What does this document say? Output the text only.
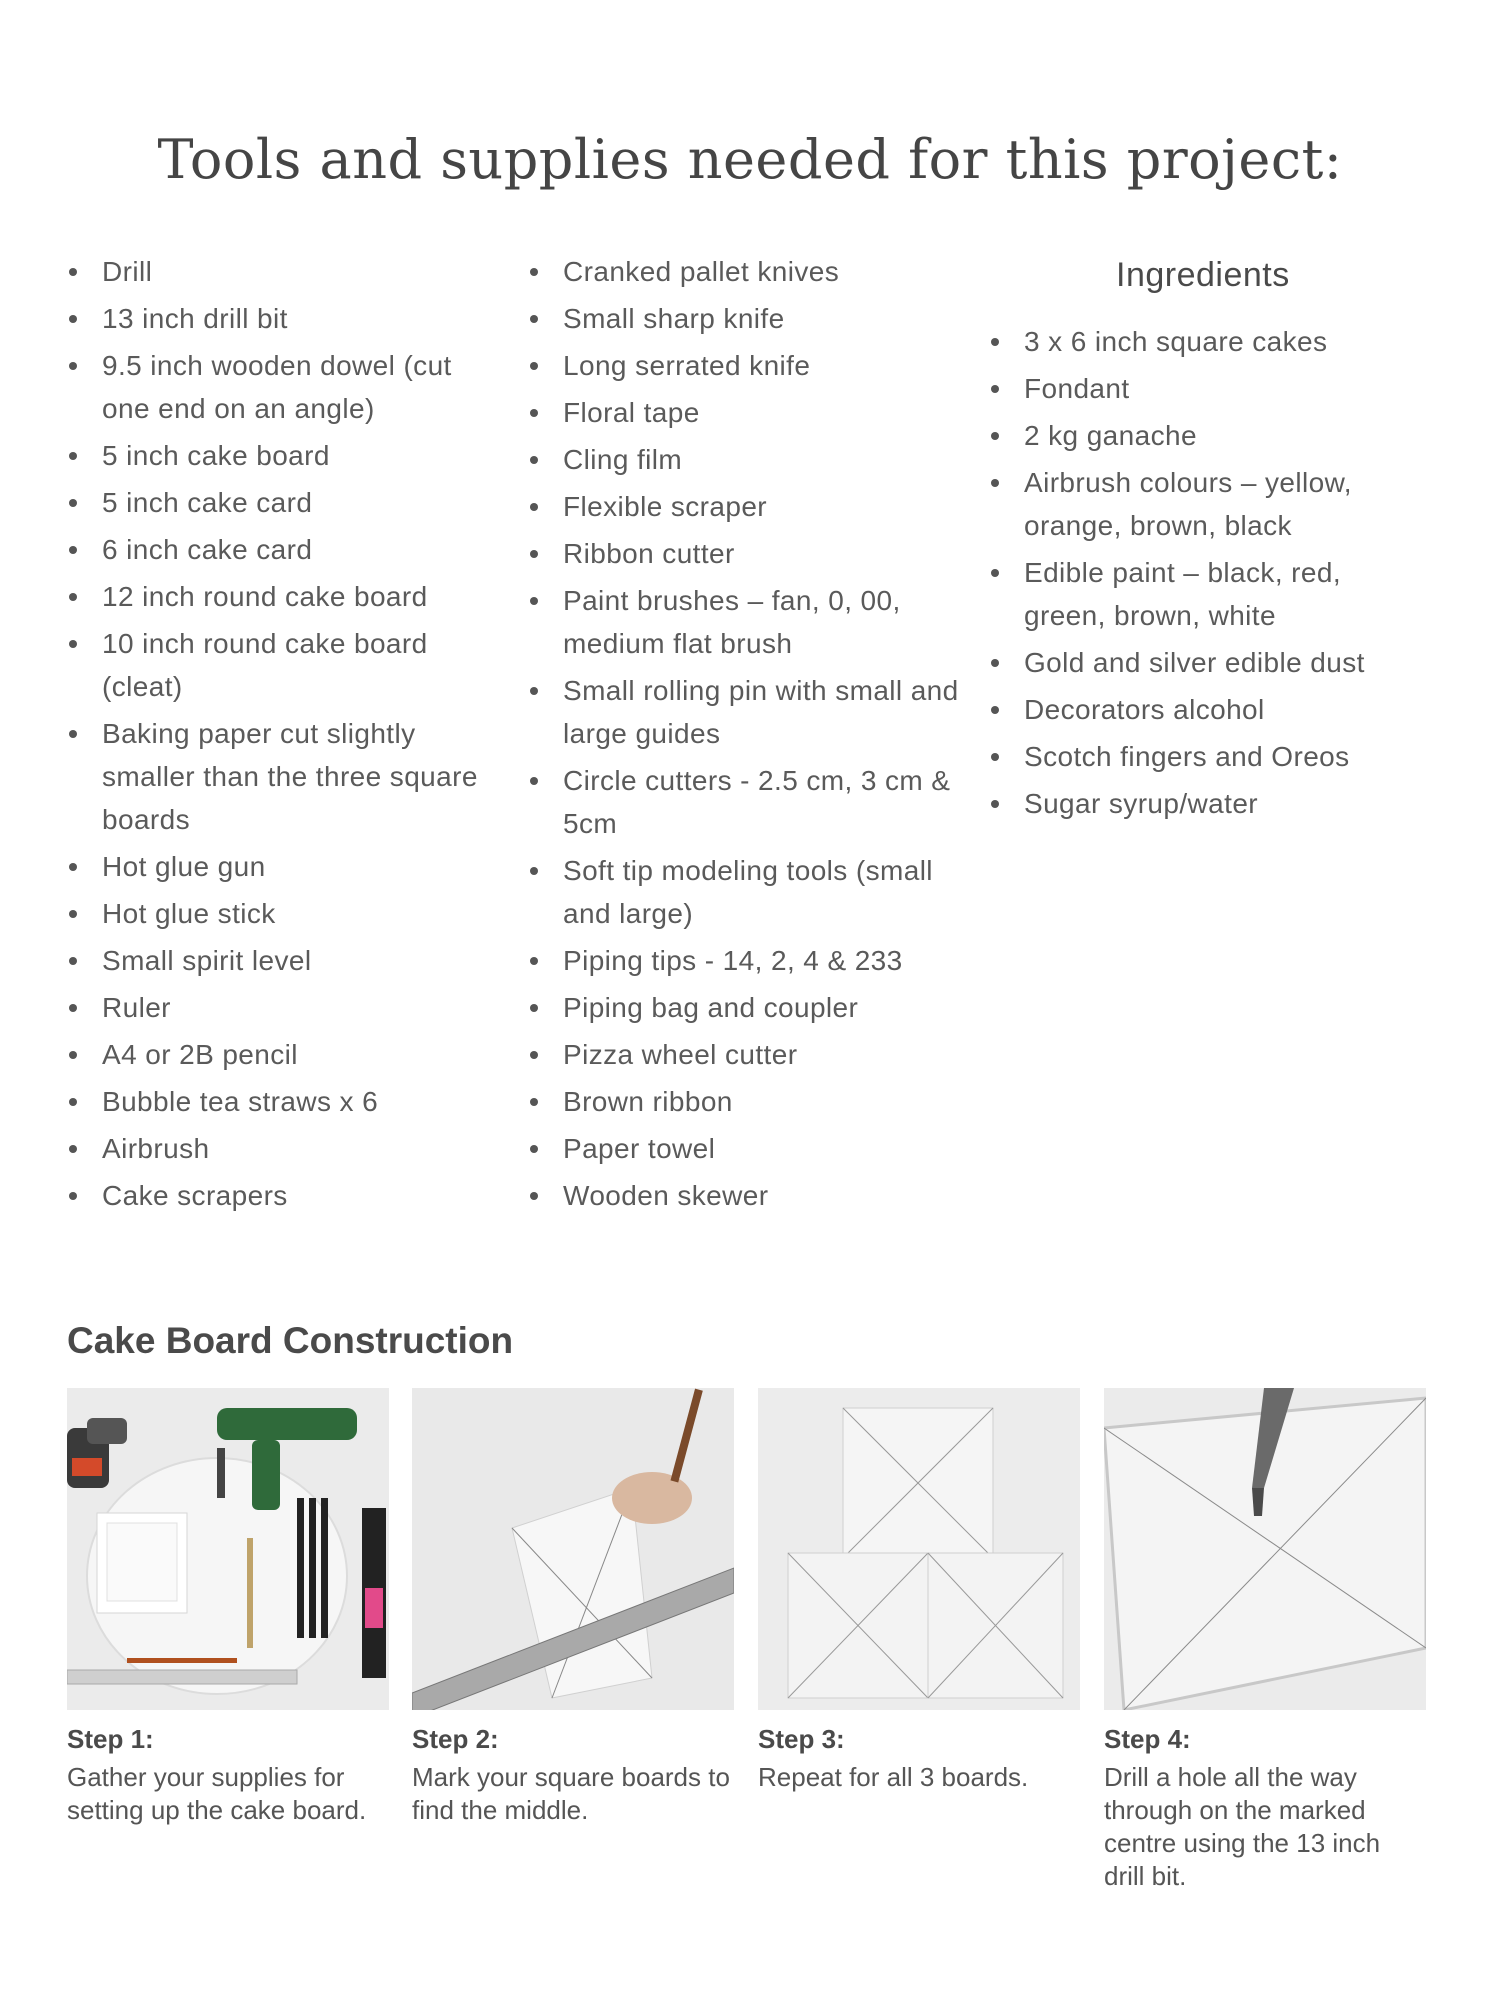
Tools and supplies needed for this project:
Drill
13 inch drill bit
9.5 inch wooden dowel (cut one end on an angle)
5 inch cake board
5 inch cake card
6 inch cake card
12 inch round cake board
10 inch round cake board (cleat)
Baking paper cut slightly smaller than the three square boards
Hot glue gun
Hot glue stick
Small spirit level
Ruler
A4 or 2B pencil
Bubble tea straws x 6
Airbrush
Cake scrapers
Cranked pallet knives
Small sharp knife
Long serrated knife
Floral tape
Cling film
Flexible scraper
Ribbon cutter
Paint brushes – fan, 0, 00, medium flat brush
Small rolling pin with small and large guides
Circle cutters - 2.5 cm, 3 cm & 5cm
Soft tip modeling tools (small and large)
Piping tips - 14, 2, 4 & 233
Piping bag and coupler
Pizza wheel cutter
Brown ribbon
Paper towel
Wooden skewer
Ingredients
3 x 6 inch square cakes
Fondant
2 kg ganache
Airbrush colours – yellow, orange, brown, black
Edible paint – black, red, green, brown, white
Gold and silver edible dust
Decorators alcohol
Scotch fingers and Oreos
Sugar syrup/water
Cake Board Construction

Step 1:

Gather your supplies for setting up the cake board.

Step 2:

Mark your square boards to find the middle.

Step 3:

Repeat for all 3 boards.

Step 4:

Drill a hole all the way through on the marked centre using the 13 inch drill bit.
